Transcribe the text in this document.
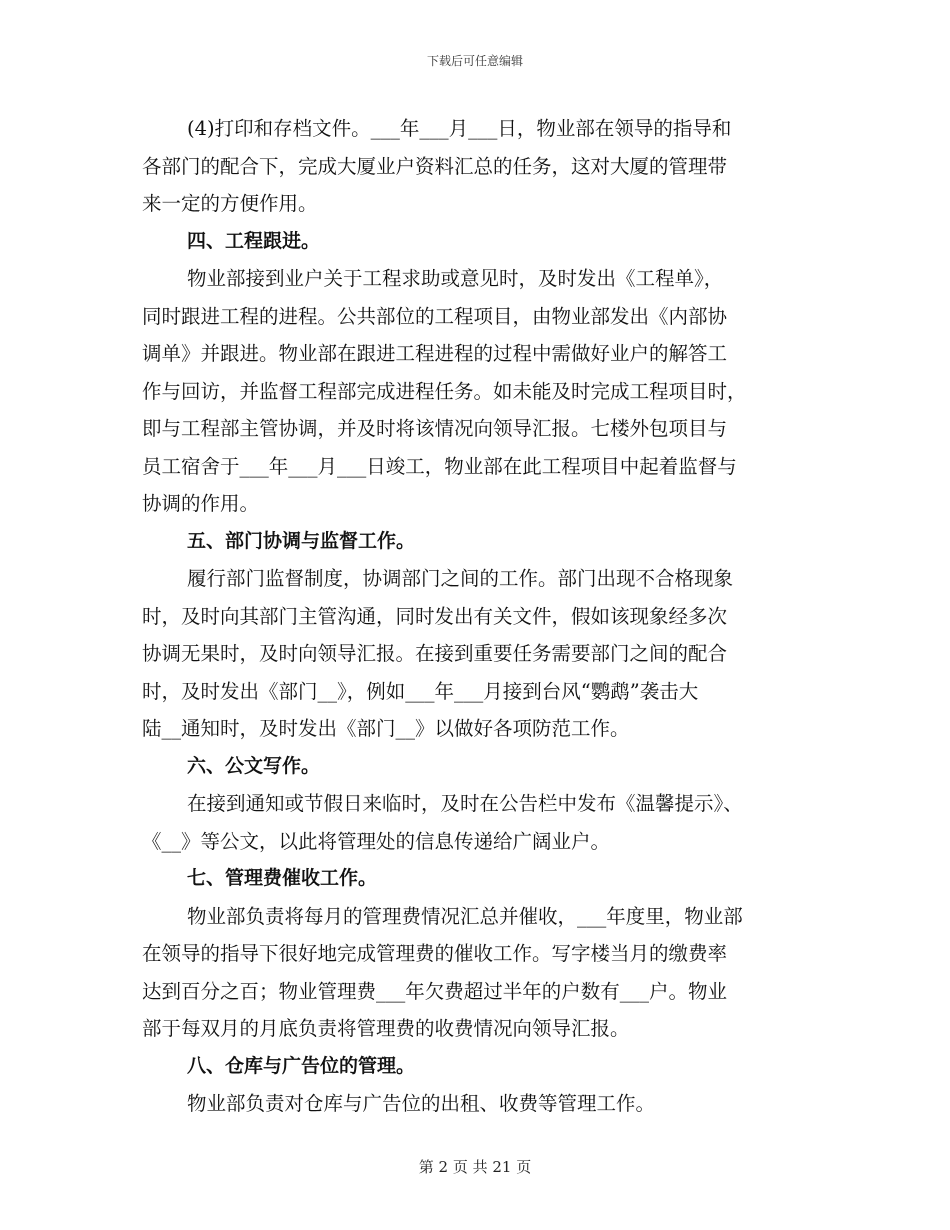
下载后可任意编辑

(4)打印和存档文件。___年___月___日，物业部在领导的指导和

各部门的配合下，完成大厦业户资料汇总的任务，这对大厦的管理带

来一定的方便作用。

四、工程跟进。

物业部接到业户关于工程求助或意见时，及时发出《工程单》，

同时跟进工程的进程。公共部位的工程项目，由物业部发出《内部协

调单》并跟进。物业部在跟进工程进程的过程中需做好业户的解答工

作与回访，并监督工程部完成进程任务。如未能及时完成工程项目时，

即与工程部主管协调，并及时将该情况向领导汇报。七楼外包项目与

员工宿舍于___年___月___日竣工，物业部在此工程项目中起着监督与

协调的作用。

五、部门协调与监督工作。

履行部门监督制度，协调部门之间的工作。部门出现不合格现象

时，及时向其部门主管沟通，同时发出有关文件，假如该现象经多次

协调无果时，及时向领导汇报。在接到重要任务需要部门之间的配合

时，及时发出《部门__》，例如___年___月接到台风“鹦鹉”袭击大

陆__通知时，及时发出《部门__》以做好各项防范工作。

六、公文写作。

在接到通知或节假日来临时，及时在公告栏中发布《温馨提示》、

《__》等公文，以此将管理处的信息传递给广阔业户。

七、管理费催收工作。

物业部负责将每月的管理费情况汇总并催收，___年度里，物业部

在领导的指导下很好地完成管理费的催收工作。写字楼当月的缴费率

达到百分之百；物业管理费___年欠费超过半年的户数有___户。物业

部于每双月的月底负责将管理费的收费情况向领导汇报。

八、仓库与广告位的管理。

物业部负责对仓库与广告位的出租、收费等管理工作。

第 2 页 共 21 页
